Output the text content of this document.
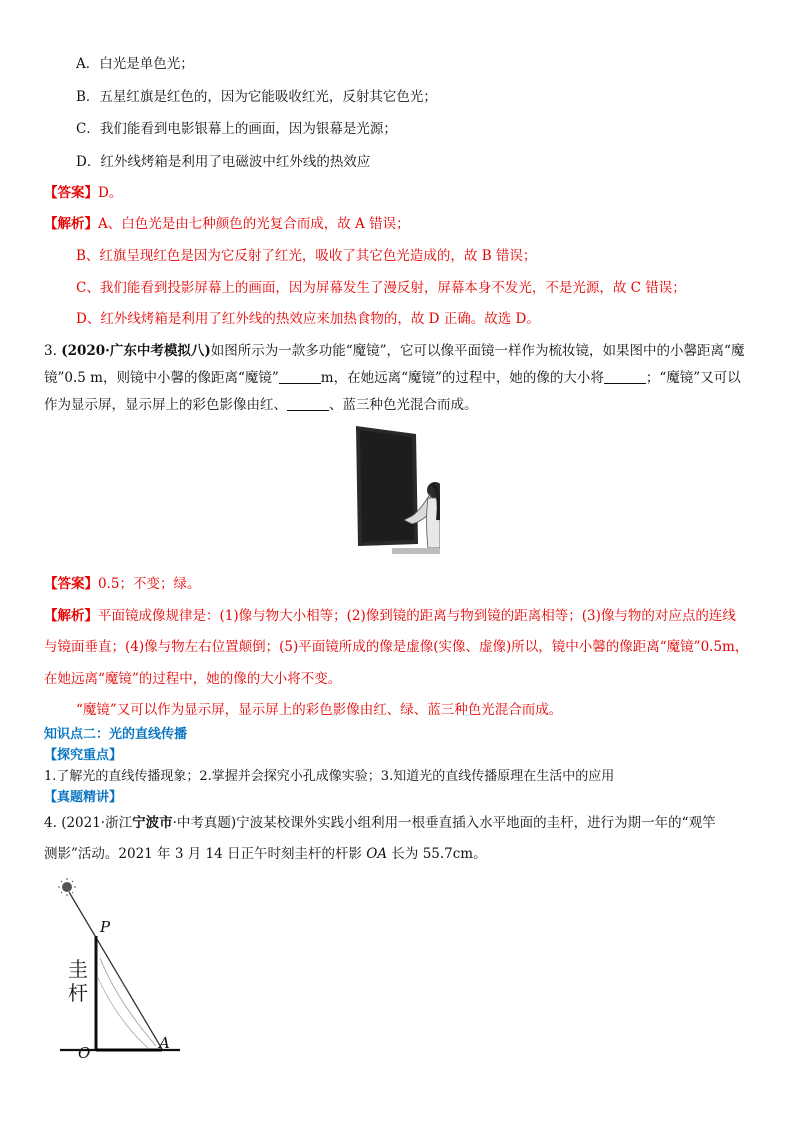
A．白光是单色光；
B．五星红旗是红色的，因为它能吸收红光，反射其它色光；
C．我们能看到电影银幕上的画面，因为银幕是光源；
D．红外线烤箱是利用了电磁波中红外线的热效应
【答案】D。
【解析】A、白色光是由七种颜色的光复合而成，故 A 错误；
B、红旗呈现红色是因为它反射了红光，吸收了其它色光造成的，故 B 错误；
C、我们能看到投影屏幕上的画面，因为屏幕发生了漫反射，屏幕本身不发光，不是光源，故 C 错误；
D、红外线烤箱是利用了红外线的热效应来加热食物的，故 D 正确。故选 D。
3. (2020·广东中考模拟八)如图所示为一款多功能“魔镜”，它可以像平面镜一样作为梳妆镜，如果图中的小馨距离“魔
镜”0.5 m，则镜中小馨的像距离“魔镜”	m，在她远离“魔镜”的过程中，她的像的大小将	；“魔镜”又可以
作为显示屏，显示屏上的彩色影像由红、	、蓝三种色光混合而成。
【答案】0.5；不变；绿。
【解析】平面镜成像规律是：(1)像与物大小相等；(2)像到镜的距离与物到镜的距离相等；(3)像与物的对应点的连线
与镜面垂直；(4)像与物左右位置颠倒；(5)平面镜所成的像是虚像(实像、虚像)所以，镜中小馨的像距离“魔镜”0.5m，
在她远离“魔镜”的过程中，她的像的大小将不变。
“魔镜”又可以作为显示屏，显示屏上的彩色影像由红、绿、蓝三种色光混合而成。
知识点二：光的直线传播
【探究重点】
1.了解光的直线传播现象；2.掌握并会探究小孔成像实验；3.知道光的直线传播原理在生活中的应用
【真题精讲】
4. (2021·浙江宁波市·中考真题)宁波某校课外实践小组利用一根垂直插入水平地面的圭杆，进行为期一年的“观竿
测影”活动。2021 年 3 月 14 日正午时刻圭杆的杆影 OA 长为 55.7cm。
P
O
A
圭
杆
